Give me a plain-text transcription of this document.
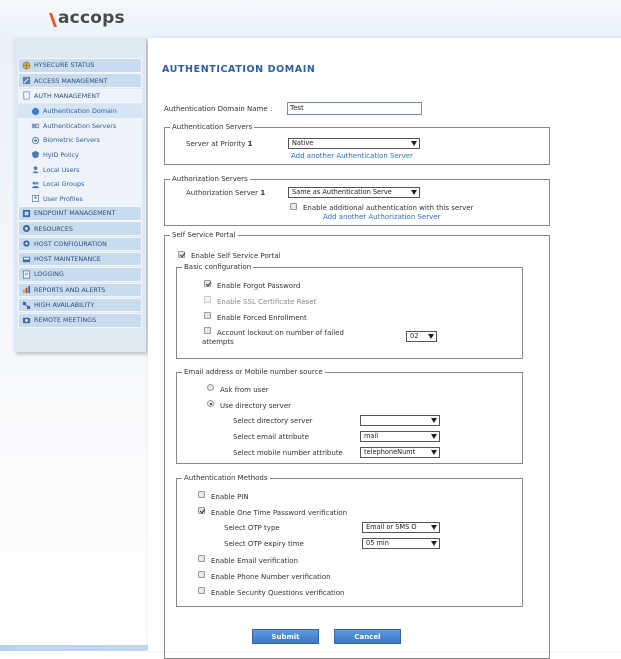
accops
HYSECURE STATUS
ACCESS MANAGEMENT
AUTH MANAGEMENT
Authentication Domain
Authentication Servers
Biometric Servers
HyID Policy
Local Users
Local Groups
User Profiles
ENDPOINT MANAGEMENT
RESOURCES
HOST CONFIGURATION
HOST MAINTENANCE
LOGGING
REPORTS AND ALERTS
HIGH AVAILABILITY
REMOTE MEETINGS
AUTHENTICATION DOMAIN
Authentication Domain Name :	Test
Authentication Servers
Server at Priority 1	Native
Add another Authentication Server
Authorization Servers
Authorization Server 1	Same as Authentication Serve
Enable additional authentication with this server
Add another Authorization Server
Self Service Portal
Enable Self Service Portal
Basic configuration
Enable Forgot Password
Enable SSL Certificate Reset
Enable Forced Enrollment
Account lockout on number of failed
attempts
02
Email address or Mobile number source
Ask from user
Use directory server
Select directory server
Select email attribute	mail
Select mobile number attribute	telephoneNumt
Authentication Methods
Enable PIN
Enable One Time Password verification
Select OTP type	Email or SMS O
Select OTP expiry time	05 min
Enable Email verification
Enable Phone Number verification
Enable Security Questions verification
Submit	Cancel
